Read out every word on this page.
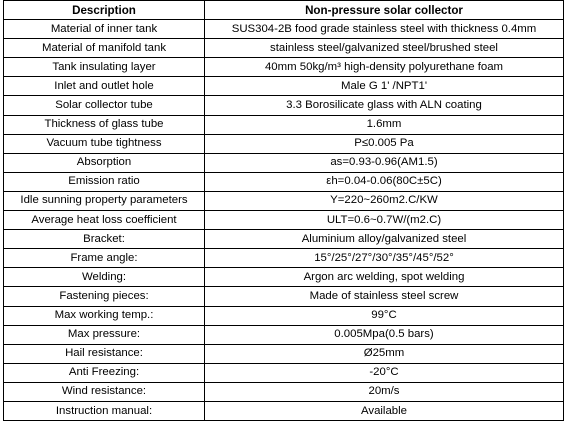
Description	Non-pressure solar collector
Material of inner tank	SUS304-2B food grade stainless steel with thickness 0.4mm
Material of manifold tank	stainless steel/galvanized steel/brushed steel
Tank insulating layer	40mm 50kg/m³ high-density polyurethane foam
Inlet and outlet hole	Male G 1' /NPT1'
Solar collector tube	3.3 Borosilicate glass with ALN coating
Thickness of glass tube	1.6mm
Vacuum tube tightness	P≤0.005 Pa
Absorption	as=0.93-0.96(AM1.5)
Emission ratio	εh=0.04-0.06(80C±5C)
Idle sunning property parameters	Y=220~260m2.C/KW
Average heat loss coefficient	ULT=0.6~0.7W/(m2.C)
Bracket:	Aluminium alloy/galvanized steel
Frame angle:	15°/25°/27°/30°/35°/45°/52°
Welding:	Argon arc welding, spot welding
Fastening pieces:	Made of stainless steel screw
Max working temp.:	99°C
Max pressure:	0.005Mpa(0.5 bars)
Hail resistance:	Ø25mm
Anti Freezing:	-20°C
Wind resistance:	20m/s
Instruction manual:	Available
